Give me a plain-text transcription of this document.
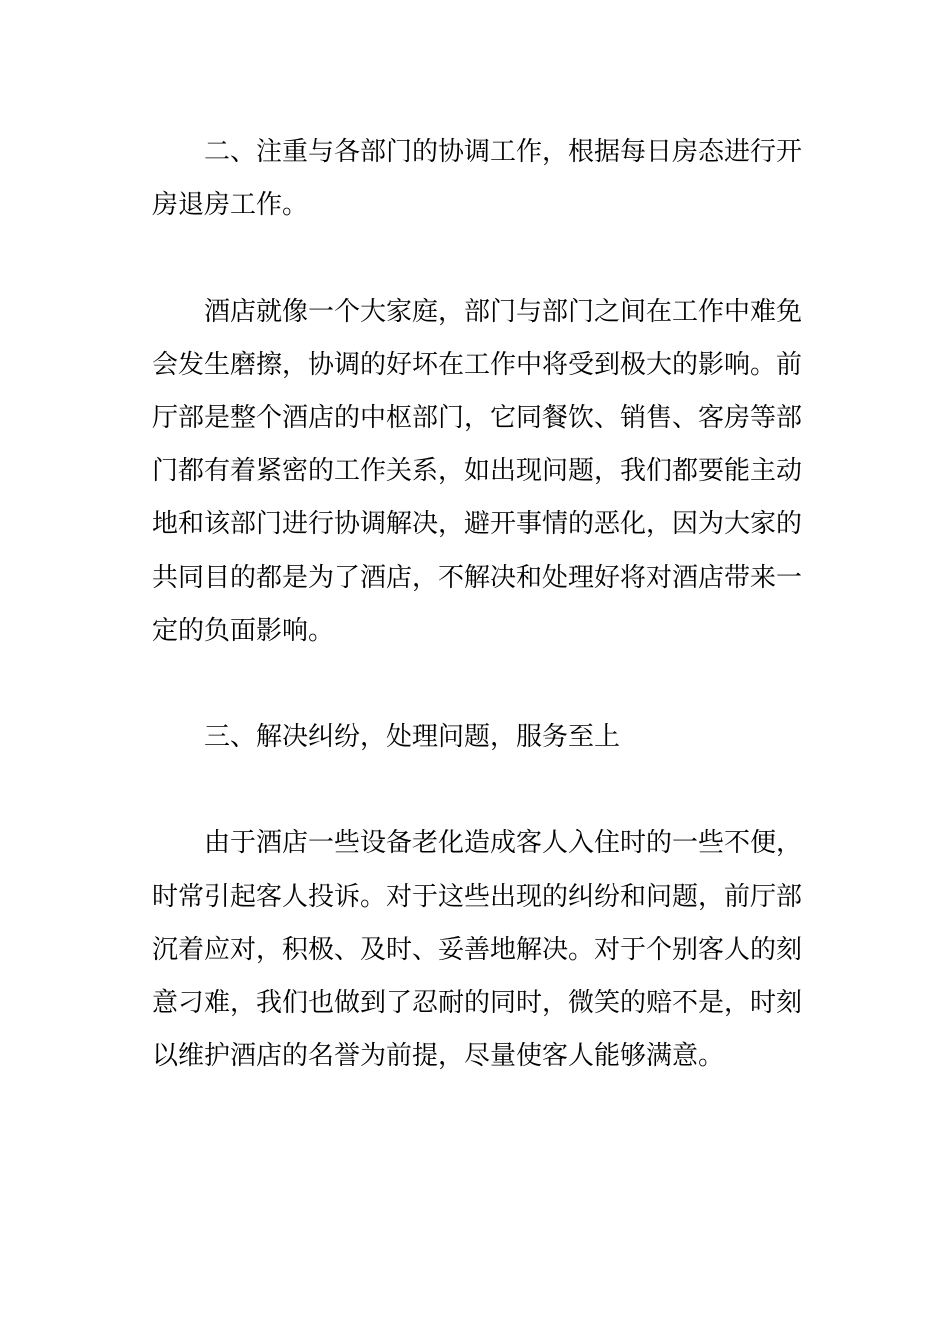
二、注重与各部门的协调工作，根据每日房态进行开
房退房工作。

酒店就像一个大家庭，部门与部门之间在工作中难免
会发生磨擦，协调的好坏在工作中将受到极大的影响。前
厅部是整个酒店的中枢部门，它同餐饮、销售、客房等部
门都有着紧密的工作关系，如出现问题，我们都要能主动
地和该部门进行协调解决，避开事情的恶化，因为大家的
共同目的都是为了酒店，不解决和处理好将对酒店带来一
定的负面影响。

三、解决纠纷，处理问题，服务至上

由于酒店一些设备老化造成客人入住时的一些不便，
时常引起客人投诉。对于这些出现的纠纷和问题，前厅部
沉着应对，积极、及时、妥善地解决。对于个别客人的刻
意刁难，我们也做到了忍耐的同时，微笑的赔不是，时刻
以维护酒店的名誉为前提，尽量使客人能够满意。
